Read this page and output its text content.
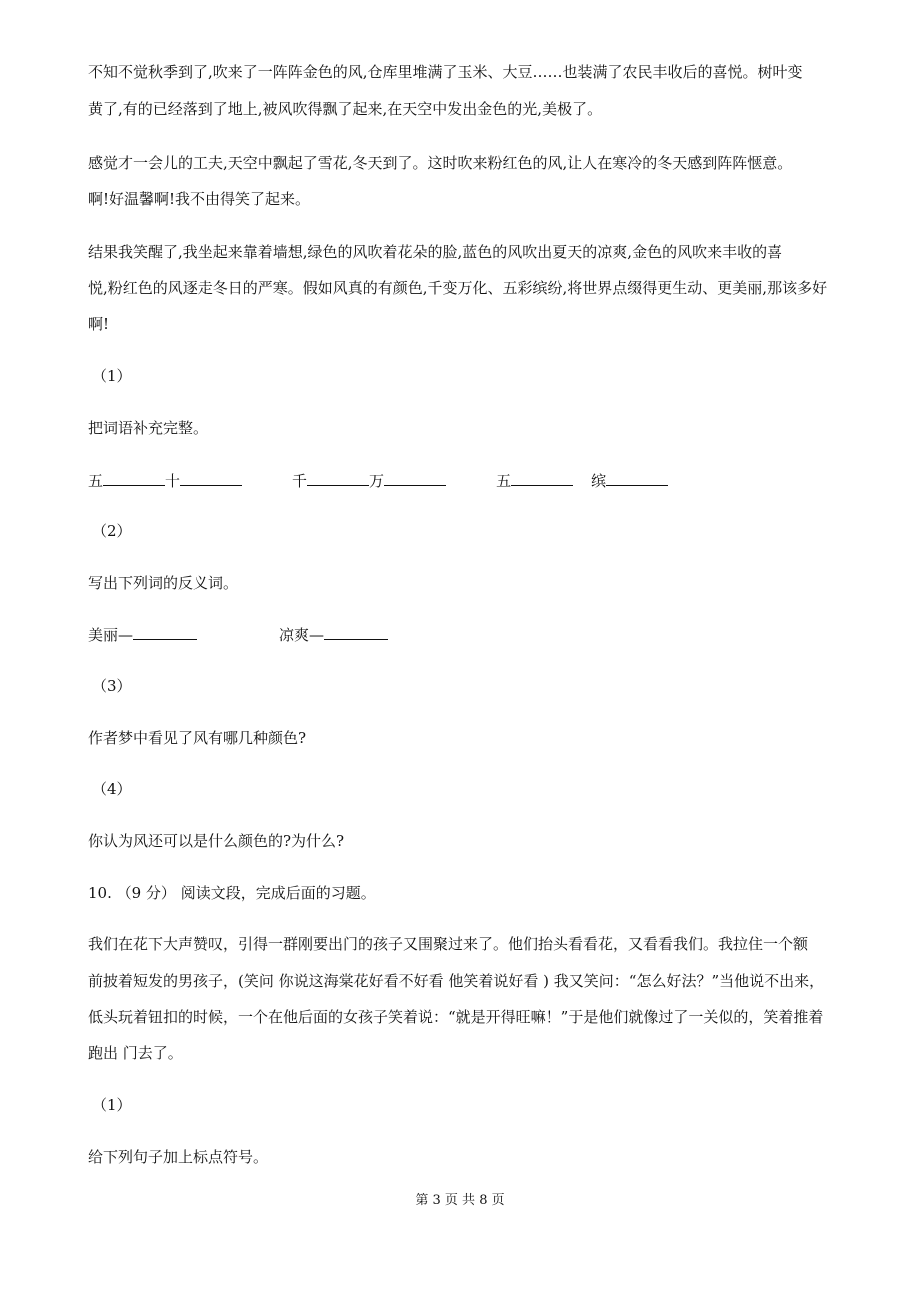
不知不觉秋季到了,吹来了一阵阵金色的风,仓库里堆满了玉米、大豆……也装满了农民丰收后的喜悦。树叶变
黄了,有的已经落到了地上,被风吹得飘了起来,在天空中发出金色的光,美极了。
感觉才一会儿的工夫,天空中飘起了雪花,冬天到了。这时吹来粉红色的风,让人在寒冷的冬天感到阵阵惬意。
啊!好温馨啊!我不由得笑了起来。
结果我笑醒了,我坐起来靠着墙想,绿色的风吹着花朵的脸,蓝色的风吹出夏天的凉爽,金色的风吹来丰收的喜
悦,粉红色的风逐走冬日的严寒。假如风真的有颜色,千变万化、五彩缤纷,将世界点缀得更生动、更美丽,那该多好
啊!
（1）
把词语补充完整。
五	十	千	万	五	缤
（2）
写出下列词的反义词。
美丽—	凉爽—
（3）
作者梦中看见了风有哪几种颜色?
（4）
你认为风还可以是什么颜色的?为什么?
10. （9 分） 阅读文段，完成后面的习题。
我们在花下大声赞叹，引得一群刚要出门的孩子又围聚过来了。他们抬头看看花，又看看我们。我拉住一个额
前披着短发的男孩子，(笑问 你说这海棠花好看不好看 他笑着说好看 ) 我又笑问：“怎么好法？”当他说不出来，
低头玩着钮扣的时候，一个在他后面的女孩子笑着说：“就是开得旺嘛！”于是他们就像过了一关似的，笑着推着
跑出 门去了。
（1）
给下列句子加上标点符号。
第 3 页 共 8 页
